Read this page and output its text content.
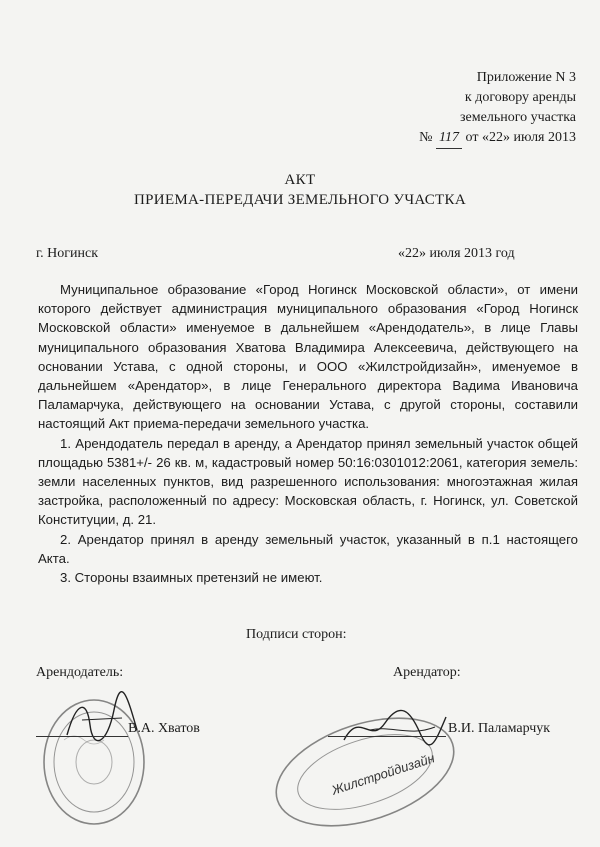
Приложение N 3
к договору аренды
земельного участка
№ 117 от «22» июля 2013
АКТ
ПРИЕМА-ПЕРЕДАЧИ ЗЕМЕЛЬНОГО УЧАСТКА
г. Ногинск	«22» июля 2013 год

Муниципальное образование «Город Ногинск Московской области», от имени которого действует администрация муниципального образования «Город Ногинск Московской области» именуемое в дальнейшем «Арендодатель», в лице Главы муниципального образования Хватова Владимира Алексеевича, действующего на основании Устава, с одной стороны, и ООО «Жилстройдизайн», именуемое в дальнейшем «Арендатор», в лице Генерального директора Вадима Ивановича Паламарчука, действующего на основании Устава, с другой стороны, составили настоящий Акт приема-передачи земельного участка.

1. Арендодатель передал в аренду, а Арендатор принял земельный участок общей площадью 5381+/- 26 кв. м, кадастровый номер 50:16:0301012:2061, категория земель: земли населенных пунктов, вид разрешенного использования: многоэтажная жилая застройка, расположенный по адресу: Московская область, г. Ногинск, ул. Советской Конституции, д. 21.

2. Арендатор принял в аренду земельный участок, указанный в п.1 настоящего Акта.

3. Стороны взаимных претензий не имеют.

Подписи сторон:
Арендодатель:	Арендатор:
Жилстройдизайн
В.А. Хватов	В.И. Паламарчук
